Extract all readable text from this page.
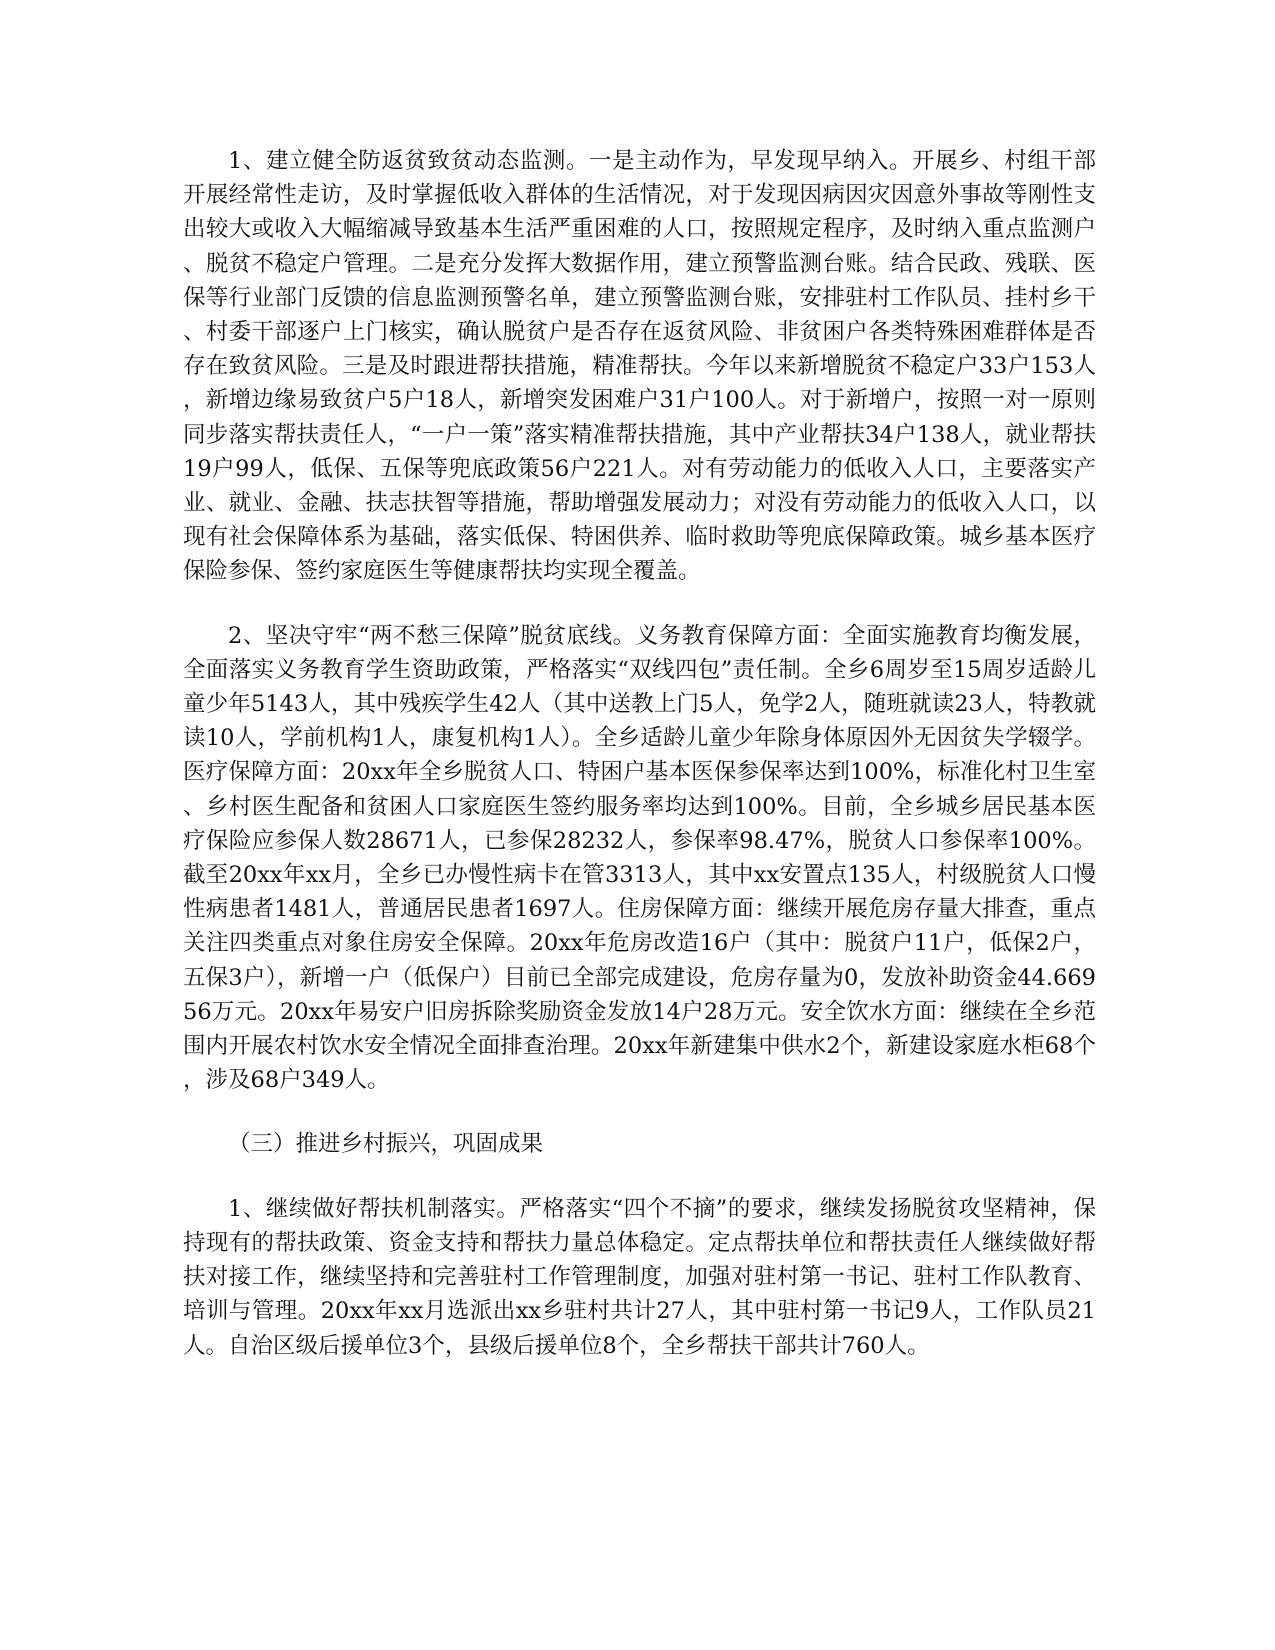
1、建立健全防返贫致贫动态监测。一是主动作为，早发现早纳入。开展乡、村组干部开展经常性走访，及时掌握低收入群体的生活情况，对于发现因病因灾因意外事故等刚性支出较大或收入大幅缩减导致基本生活严重困难的人口，按照规定程序，及时纳入重点监测户、脱贫不稳定户管理。二是充分发挥大数据作用，建立预警监测台账。结合民政、残联、医保等行业部门反馈的信息监测预警名单，建立预警监测台账，安排驻村工作队员、挂村乡干、村委干部逐户上门核实，确认脱贫户是否存在返贫风险、非贫困户各类特殊困难群体是否存在致贫风险。三是及时跟进帮扶措施，精准帮扶。今年以来新增脱贫不稳定户33户153人，新增边缘易致贫户5户18人，新增突发困难户31户100人。对于新增户，按照一对一原则同步落实帮扶责任人，“一户一策”落实精准帮扶措施，其中产业帮扶34户138人，就业帮扶19户99人，低保、五保等兜底政策56户221人。对有劳动能力的低收入人口，主要落实产业、就业、金融、扶志扶智等措施，帮助增强发展动力；对没有劳动能力的低收入人口，以现有社会保障体系为基础，落实低保、特困供养、临时救助等兜底保障政策。城乡基本医疗保险参保、签约家庭医生等健康帮扶均实现全覆盖。

2、坚决守牢“两不愁三保障”脱贫底线。义务教育保障方面：全面实施教育均衡发展，全面落实义务教育学生资助政策，严格落实“双线四包”责任制。全乡6周岁至15周岁适龄儿童少年5143人，其中残疾学生42人（其中送教上门5人，免学2人，随班就读23人，特教就读10人，学前机构1人，康复机构1人）。全乡适龄儿童少年除身体原因外无因贫失学辍学。医疗保障方面：20xx年全乡脱贫人口、特困户基本医保参保率达到100%，标准化村卫生室、乡村医生配备和贫困人口家庭医生签约服务率均达到100%。目前，全乡城乡居民基本医疗保险应参保人数28671人，已参保28232人，参保率98.47%，脱贫人口参保率100%。截至20xx年xx月，全乡已办慢性病卡在管3313人，其中xx安置点135人，村级脱贫人口慢性病患者1481人，普通居民患者1697人。住房保障方面：继续开展危房存量大排查，重点关注四类重点对象住房安全保障。20xx年危房改造16户（其中：脱贫户11户，低保2户，五保3户），新增一户（低保户）目前已全部完成建设，危房存量为0，发放补助资金44.66956万元。20xx年易安户旧房拆除奖励资金发放14户28万元。安全饮水方面：继续在全乡范围内开展农村饮水安全情况全面排查治理。20xx年新建集中供水2个，新建设家庭水柜68个，涉及68户349人。

（三）推进乡村振兴，巩固成果

1、继续做好帮扶机制落实。严格落实“四个不摘”的要求，继续发扬脱贫攻坚精神，保持现有的帮扶政策、资金支持和帮扶力量总体稳定。定点帮扶单位和帮扶责任人继续做好帮扶对接工作，继续坚持和完善驻村工作管理制度，加强对驻村第一书记、驻村工作队教育、培训与管理。20xx年xx月选派出xx乡驻村共计27人，其中驻村第一书记9人，工作队员21人。自治区级后援单位3个，县级后援单位8个，全乡帮扶干部共计760人。
